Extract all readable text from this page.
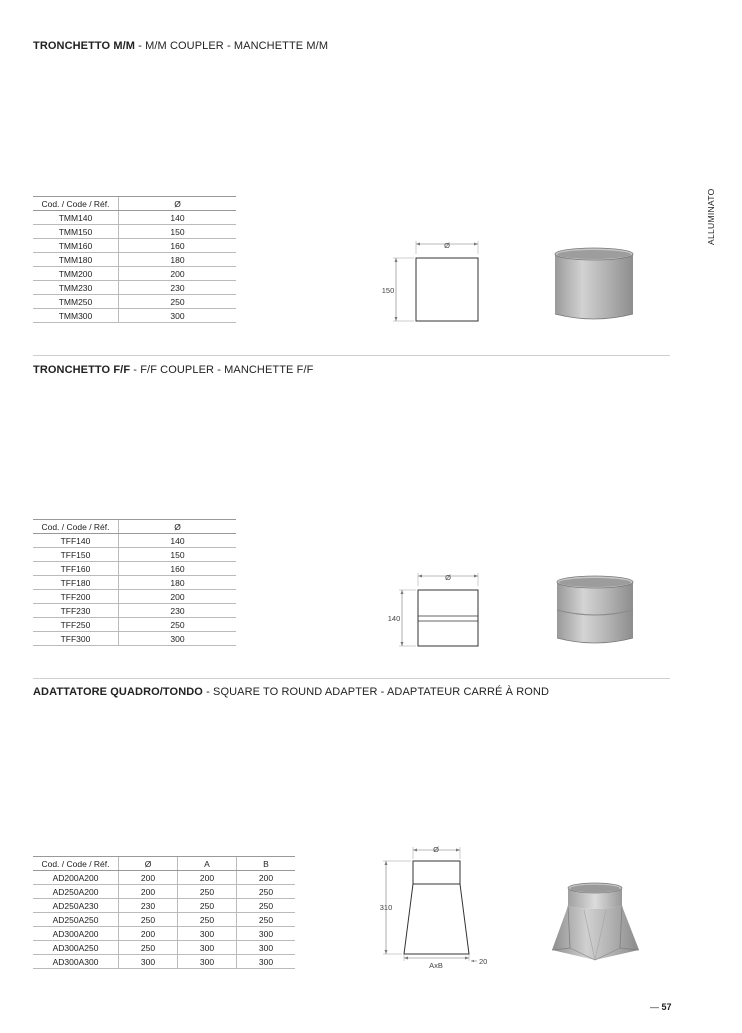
ALLUMINATO
— 57
TRONCHETTO M/M - M/M COUPLER - MANCHETTE M/M
Cod. / Code / Réf.	Ø
TMM140	140
TMM150	150
TMM160	160
TMM180	180
TMM200	200
TMM230	230
TMM250	250
TMM300	300
Ø
150
TRONCHETTO F/F - F/F COUPLER - MANCHETTE F/F
Cod. / Code / Réf.	Ø
TFF140	140
TFF150	150
TFF160	160
TFF180	180
TFF200	200
TFF230	230
TFF250	250
TFF300	300
Ø
140
ADATTATORE QUADRO/TONDO - SQUARE TO ROUND ADAPTER - ADAPTATEUR CARRÉ À ROND
Cod. / Code / Réf.	Ø	A	B
AD200A200	200	200	200
AD250A200	200	250	250
AD250A230	230	250	250
AD250A250	250	250	250
AD300A200	200	300	300
AD300A250	250	300	300
AD300A300	300	300	300
Ø
310
AxB	20
